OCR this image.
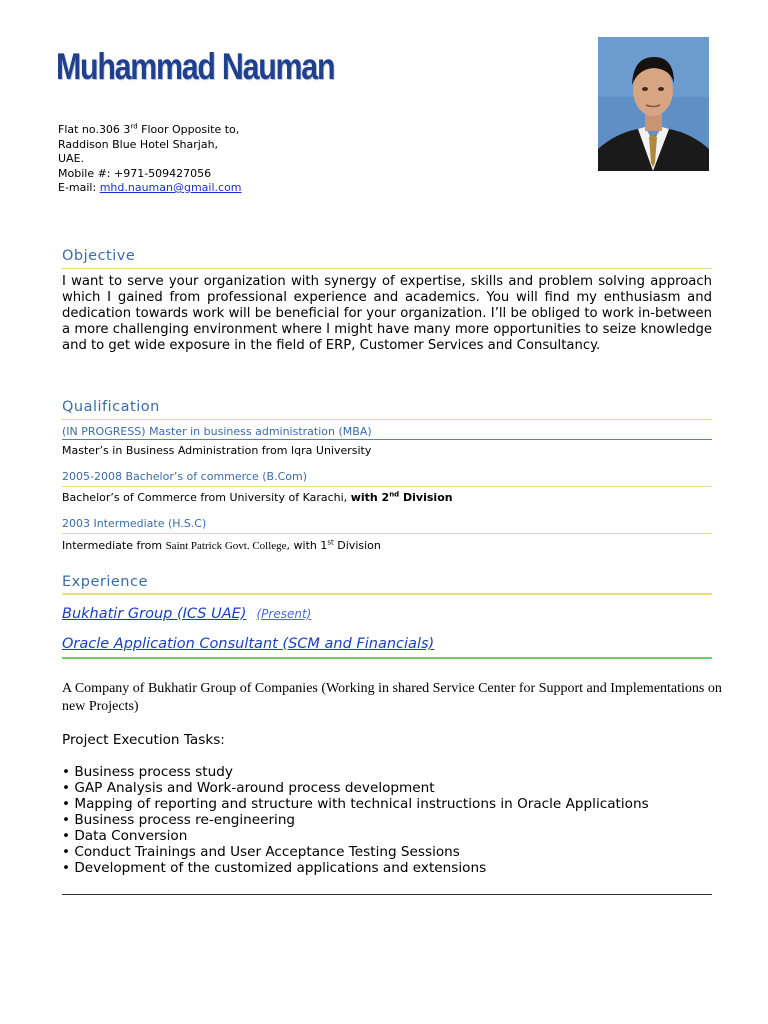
Muhammad Nauman
Flat no.306 3rd Floor Opposite to,
Raddison Blue Hotel Sharjah,
UAE.
Mobile #: +971-509427056
E-mail: mhd.nauman@gmail.com
Objective
I want to serve your organization with synergy of expertise, skills and problem solving approach which I gained from professional experience and academics. You will find my enthusiasm and dedication towards work will be beneficial for your organization. I’ll be obliged to work in-between a more challenging environment where I might have many more opportunities to seize knowledge and to get wide exposure in the field of ERP, Customer Services and Consultancy.
Qualification
(IN PROGRESS) Master in business administration (MBA)
Master’s in Business Administration from Iqra University
2005-2008 Bachelor’s of commerce (B.Com)
Bachelor’s of Commerce from University of Karachi, with 2nd Division
2003 Intermediate (H.S.C)
Intermediate from Saint Patrick Govt. College, with 1st Division
Experience
Bukhatir Group (ICS UAE) (Present)
Oracle Application Consultant (SCM and Financials)
A Company of Bukhatir Group of Companies (Working in shared Service Center for Support and Implementations on new Projects)
Project Execution Tasks:
• Business process study
• GAP Analysis and Work-around process development
• Mapping of reporting and structure with technical instructions in Oracle Applications
• Business process re-engineering
• Data Conversion
• Conduct Trainings and User Acceptance Testing Sessions
• Development of the customized applications and extensions
